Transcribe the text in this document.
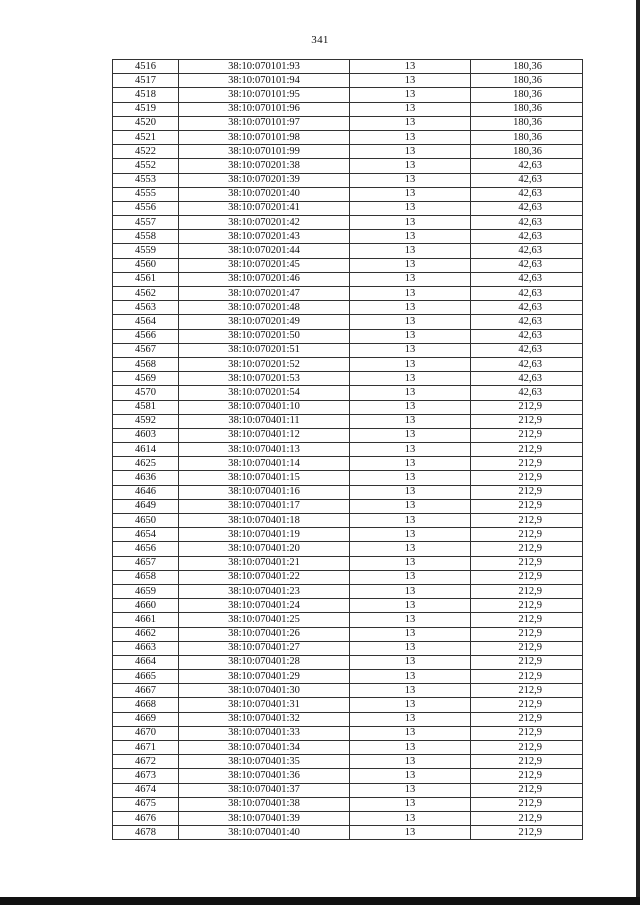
341
4516	38:10:070101:93	13	180,36
4517	38:10:070101:94	13	180,36
4518	38:10:070101:95	13	180,36
4519	38:10:070101:96	13	180,36
4520	38:10:070101:97	13	180,36
4521	38:10:070101:98	13	180,36
4522	38:10:070101:99	13	180,36
4552	38:10:070201:38	13	42,63
4553	38:10:070201:39	13	42,63
4555	38:10:070201:40	13	42,63
4556	38:10:070201:41	13	42,63
4557	38:10:070201:42	13	42,63
4558	38:10:070201:43	13	42,63
4559	38:10:070201:44	13	42,63
4560	38:10:070201:45	13	42,63
4561	38:10:070201:46	13	42,63
4562	38:10:070201:47	13	42,63
4563	38:10:070201:48	13	42,63
4564	38:10:070201:49	13	42,63
4566	38:10:070201:50	13	42,63
4567	38:10:070201:51	13	42,63
4568	38:10:070201:52	13	42,63
4569	38:10:070201:53	13	42,63
4570	38:10:070201:54	13	42,63
4581	38:10:070401:10	13	212,9
4592	38:10:070401:11	13	212,9
4603	38:10:070401:12	13	212,9
4614	38:10:070401:13	13	212,9
4625	38:10:070401:14	13	212,9
4636	38:10:070401:15	13	212,9
4646	38:10:070401:16	13	212,9
4649	38:10:070401:17	13	212,9
4650	38:10:070401:18	13	212,9
4654	38:10:070401:19	13	212,9
4656	38:10:070401:20	13	212,9
4657	38:10:070401:21	13	212,9
4658	38:10:070401:22	13	212,9
4659	38:10:070401:23	13	212,9
4660	38:10:070401:24	13	212,9
4661	38:10:070401:25	13	212,9
4662	38:10:070401:26	13	212,9
4663	38:10:070401:27	13	212,9
4664	38:10:070401:28	13	212,9
4665	38:10:070401:29	13	212,9
4667	38:10:070401:30	13	212,9
4668	38:10:070401:31	13	212,9
4669	38:10:070401:32	13	212,9
4670	38:10:070401:33	13	212,9
4671	38:10:070401:34	13	212,9
4672	38:10:070401:35	13	212,9
4673	38:10:070401:36	13	212,9
4674	38:10:070401:37	13	212,9
4675	38:10:070401:38	13	212,9
4676	38:10:070401:39	13	212,9
4678	38:10:070401:40	13	212,9
